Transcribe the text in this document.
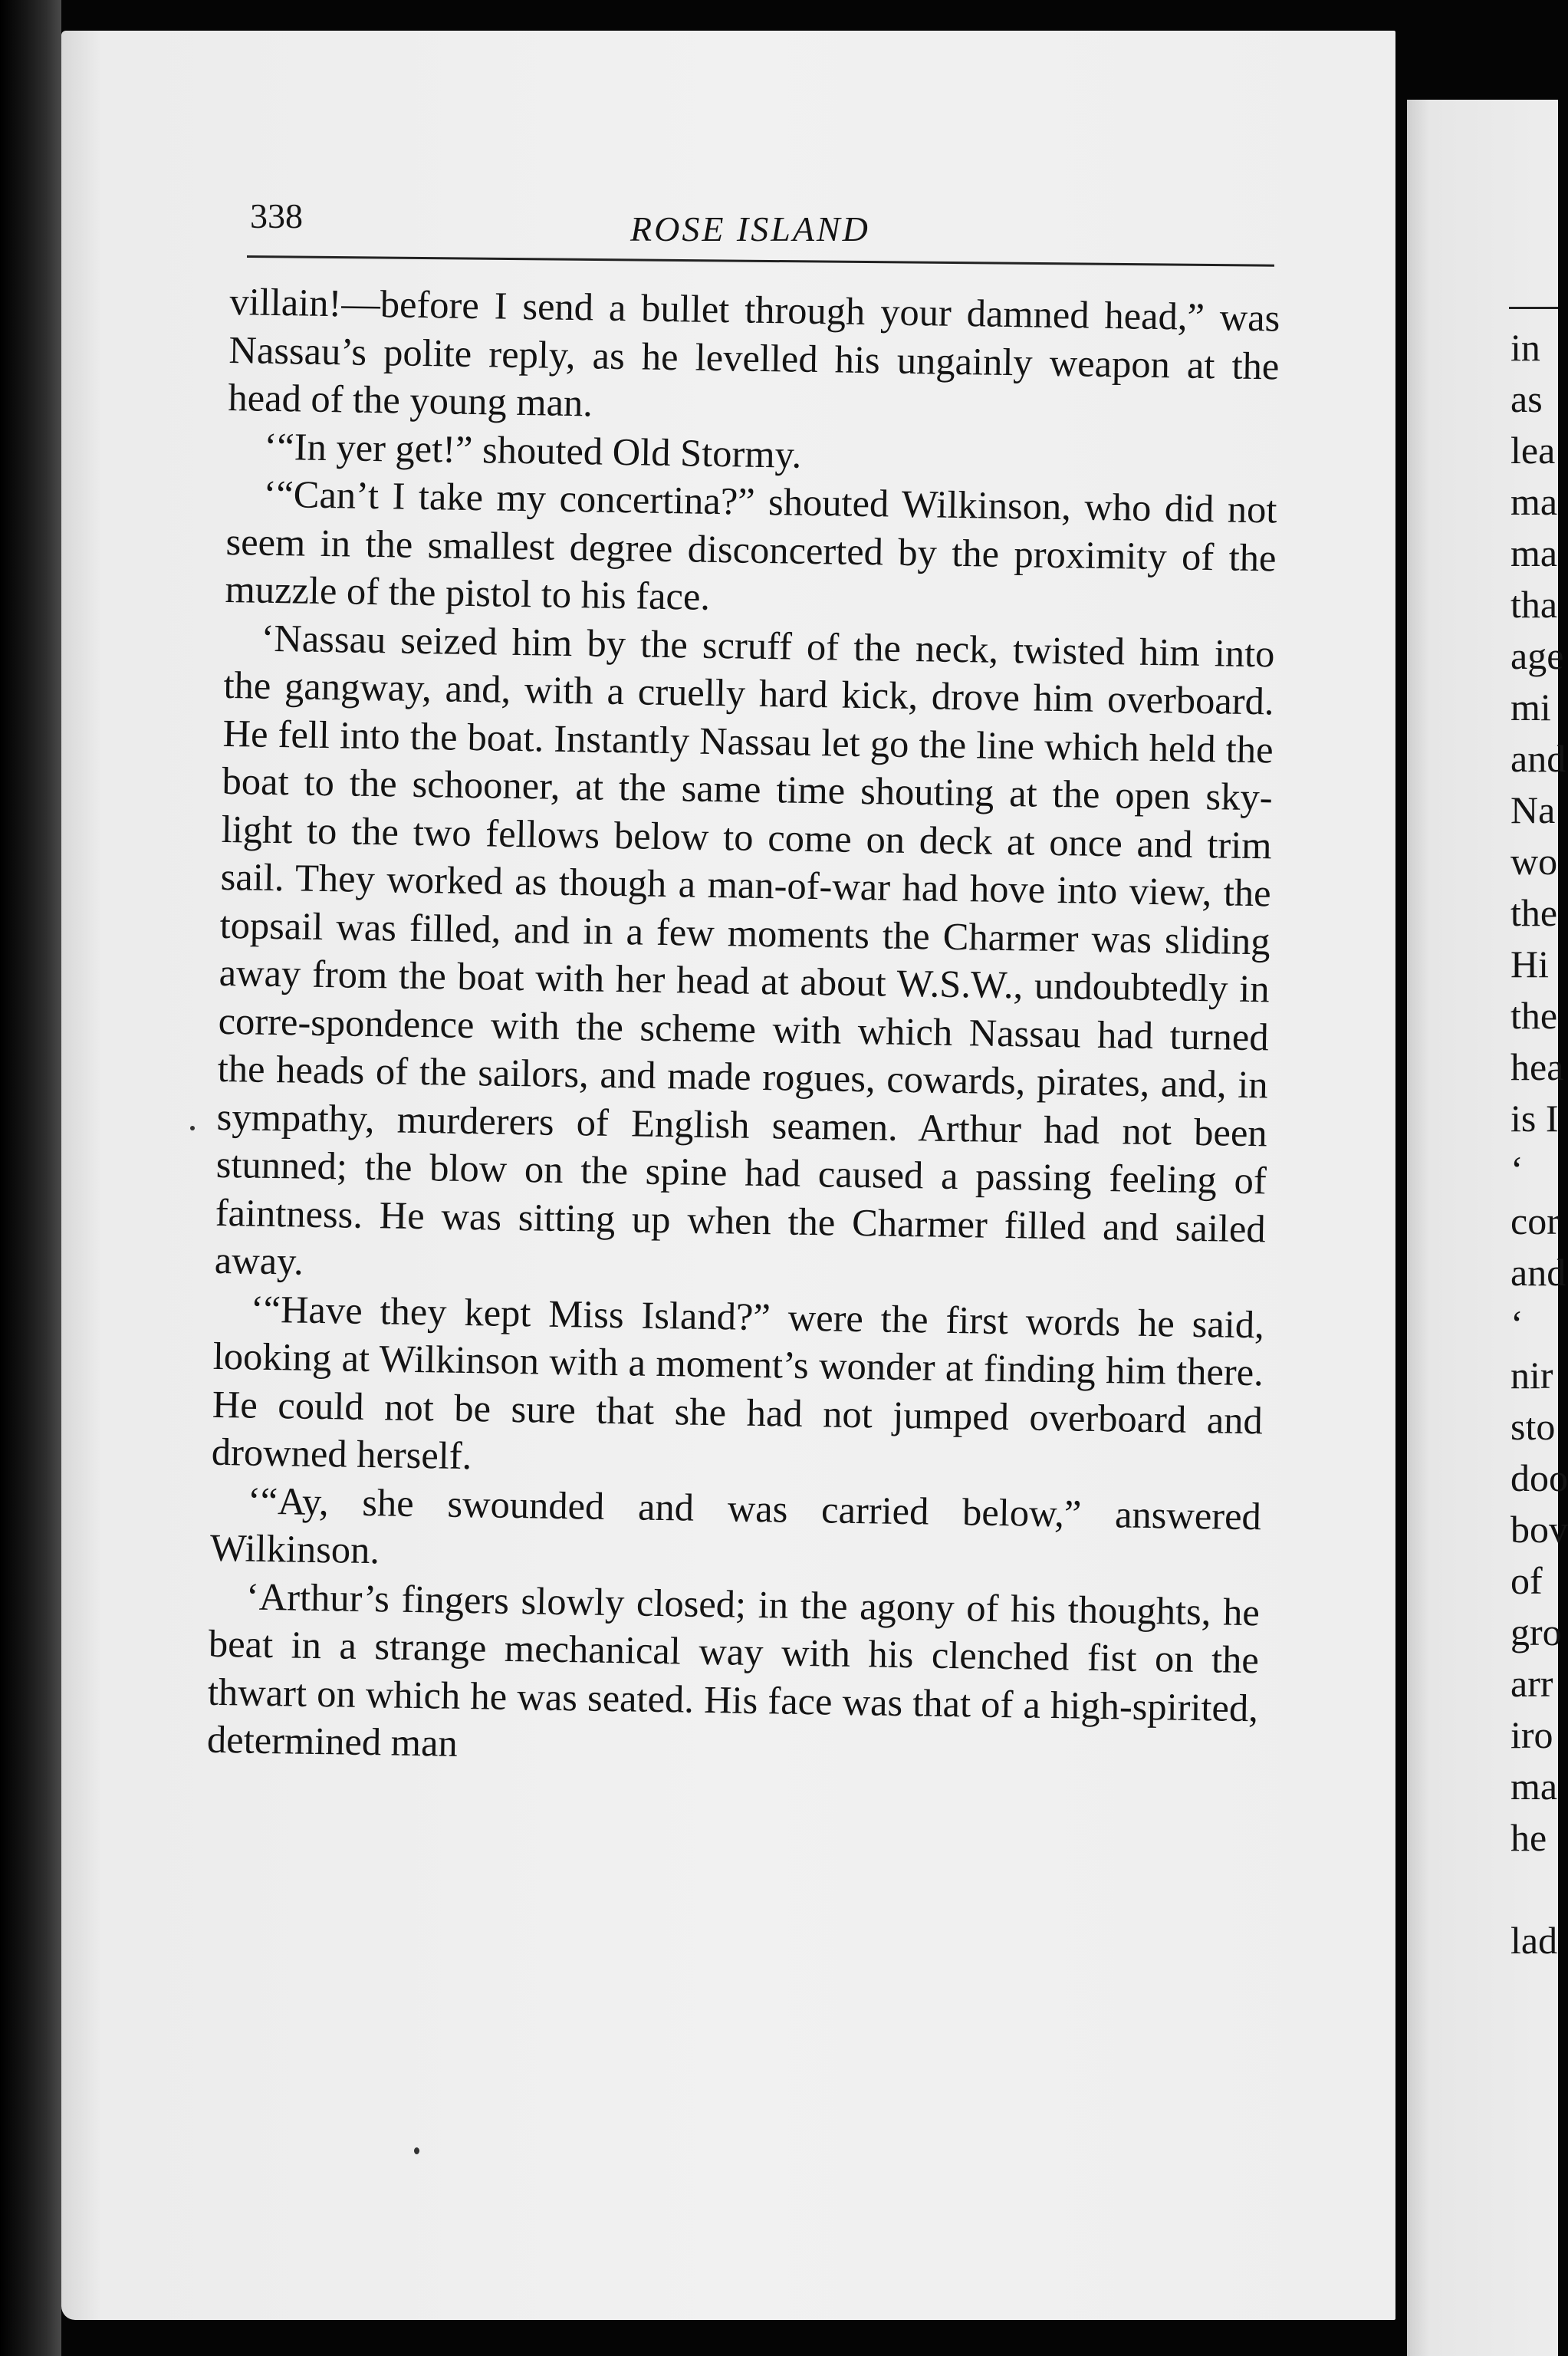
338	ROSE ISLAND

villain!—before I send a bullet through your damned head,” was Nassau’s polite reply, as he levelled his ungainly weapon at the head of the young man.

‘“In yer get!” shouted Old Stormy.

‘“Can’t I take my concertina?” shouted Wilkinson, who did not seem in the smallest degree disconcerted by the proximity of the muzzle of the pistol to his face.

‘Nassau seized him by the scruff of the neck, twisted him into the gangway, and, with a cruelly hard kick, drove him overboard. He fell into the boat. Instantly Nassau let go the line which held the boat to the schooner, at the same time shouting at the open sky-light to the two fellows below to come on deck at once and trim sail. They worked as though a man-of-war had hove into view, the topsail was filled, and in a few moments the Charmer was sliding away from the boat with her head at about W.S.W., undoubtedly in corre-spondence with the scheme with which Nassau had turned the heads of the sailors, and made rogues, cowards, pirates, and, in sympathy, murderers of English seamen. Arthur had not been stunned; the blow on the spine had caused a passing feeling of faintness. He was sitting up when the Charmer filled and sailed away.

‘“Have they kept Miss Island?” were the first words he said, looking at Wilkinson with a moment’s wonder at finding him there. He could not be sure that she had not jumped overboard and drowned herself.

‘“Ay, she swounded and was carried below,” answered Wilkinson.

‘Arthur’s fingers slowly closed; in the agony of his thoughts, he beat in a strange mechanical way with his clenched fist on the thwart on which he was seated. His face was that of a high-spirited, determined man

in
as
lea
ma
ma
tha
age
mi
and
Na
wo
the
Hi
the
hea
is I
‘
cor
and
‘
nir
sto
doo
bov
of
gro
arr
iro
ma
he
lad
